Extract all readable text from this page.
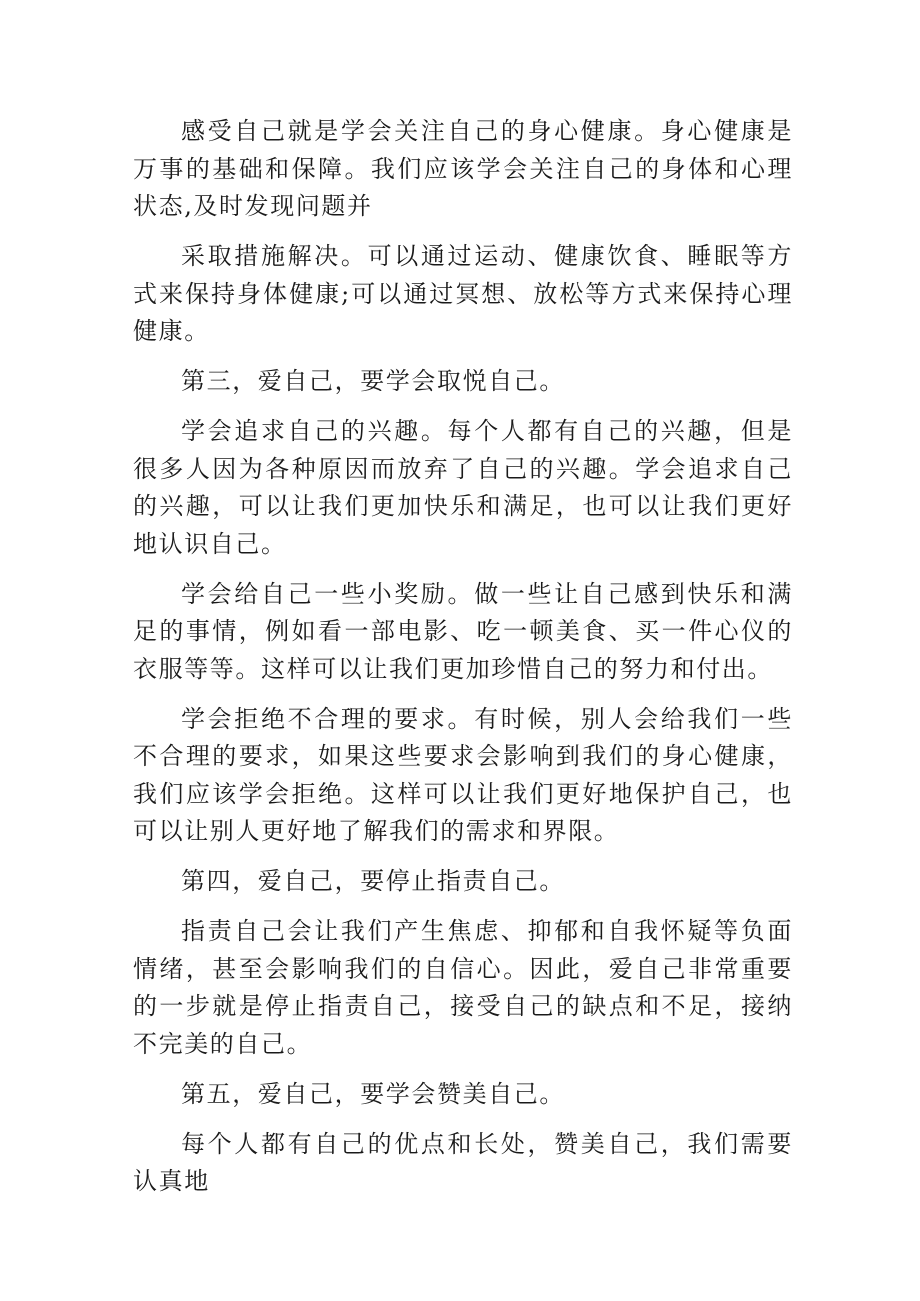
感受自己就是学会关注自己的身心健康。身心健康是万事的基础和保障。我们应该学会关注自己的身体和心理状态,及时发现问题并

采取措施解决。可以通过运动、健康饮食、睡眠等方式来保持身体健康;可以通过冥想、放松等方式来保持心理健康。

第三，爱自己，要学会取悦自己。

学会追求自己的兴趣。每个人都有自己的兴趣，但是很多人因为各种原因而放弃了自己的兴趣。学会追求自己的兴趣，可以让我们更加快乐和满足，也可以让我们更好地认识自己。

学会给自己一些小奖励。做一些让自己感到快乐和满足的事情，例如看一部电影、吃一顿美食、买一件心仪的衣服等等。这样可以让我们更加珍惜自己的努力和付出。

学会拒绝不合理的要求。有时候，别人会给我们一些不合理的要求，如果这些要求会影响到我们的身心健康，我们应该学会拒绝。这样可以让我们更好地保护自己，也可以让别人更好地了解我们的需求和界限。

第四，爱自己，要停止指责自己。

指责自己会让我们产生焦虑、抑郁和自我怀疑等负面情绪，甚至会影响我们的自信心。因此，爱自己非常重要的一步就是停止指责自己，接受自己的缺点和不足，接纳不完美的自己。

第五，爱自己，要学会赞美自己。

每个人都有自己的优点和长处，赞美自己，我们需要认真地
